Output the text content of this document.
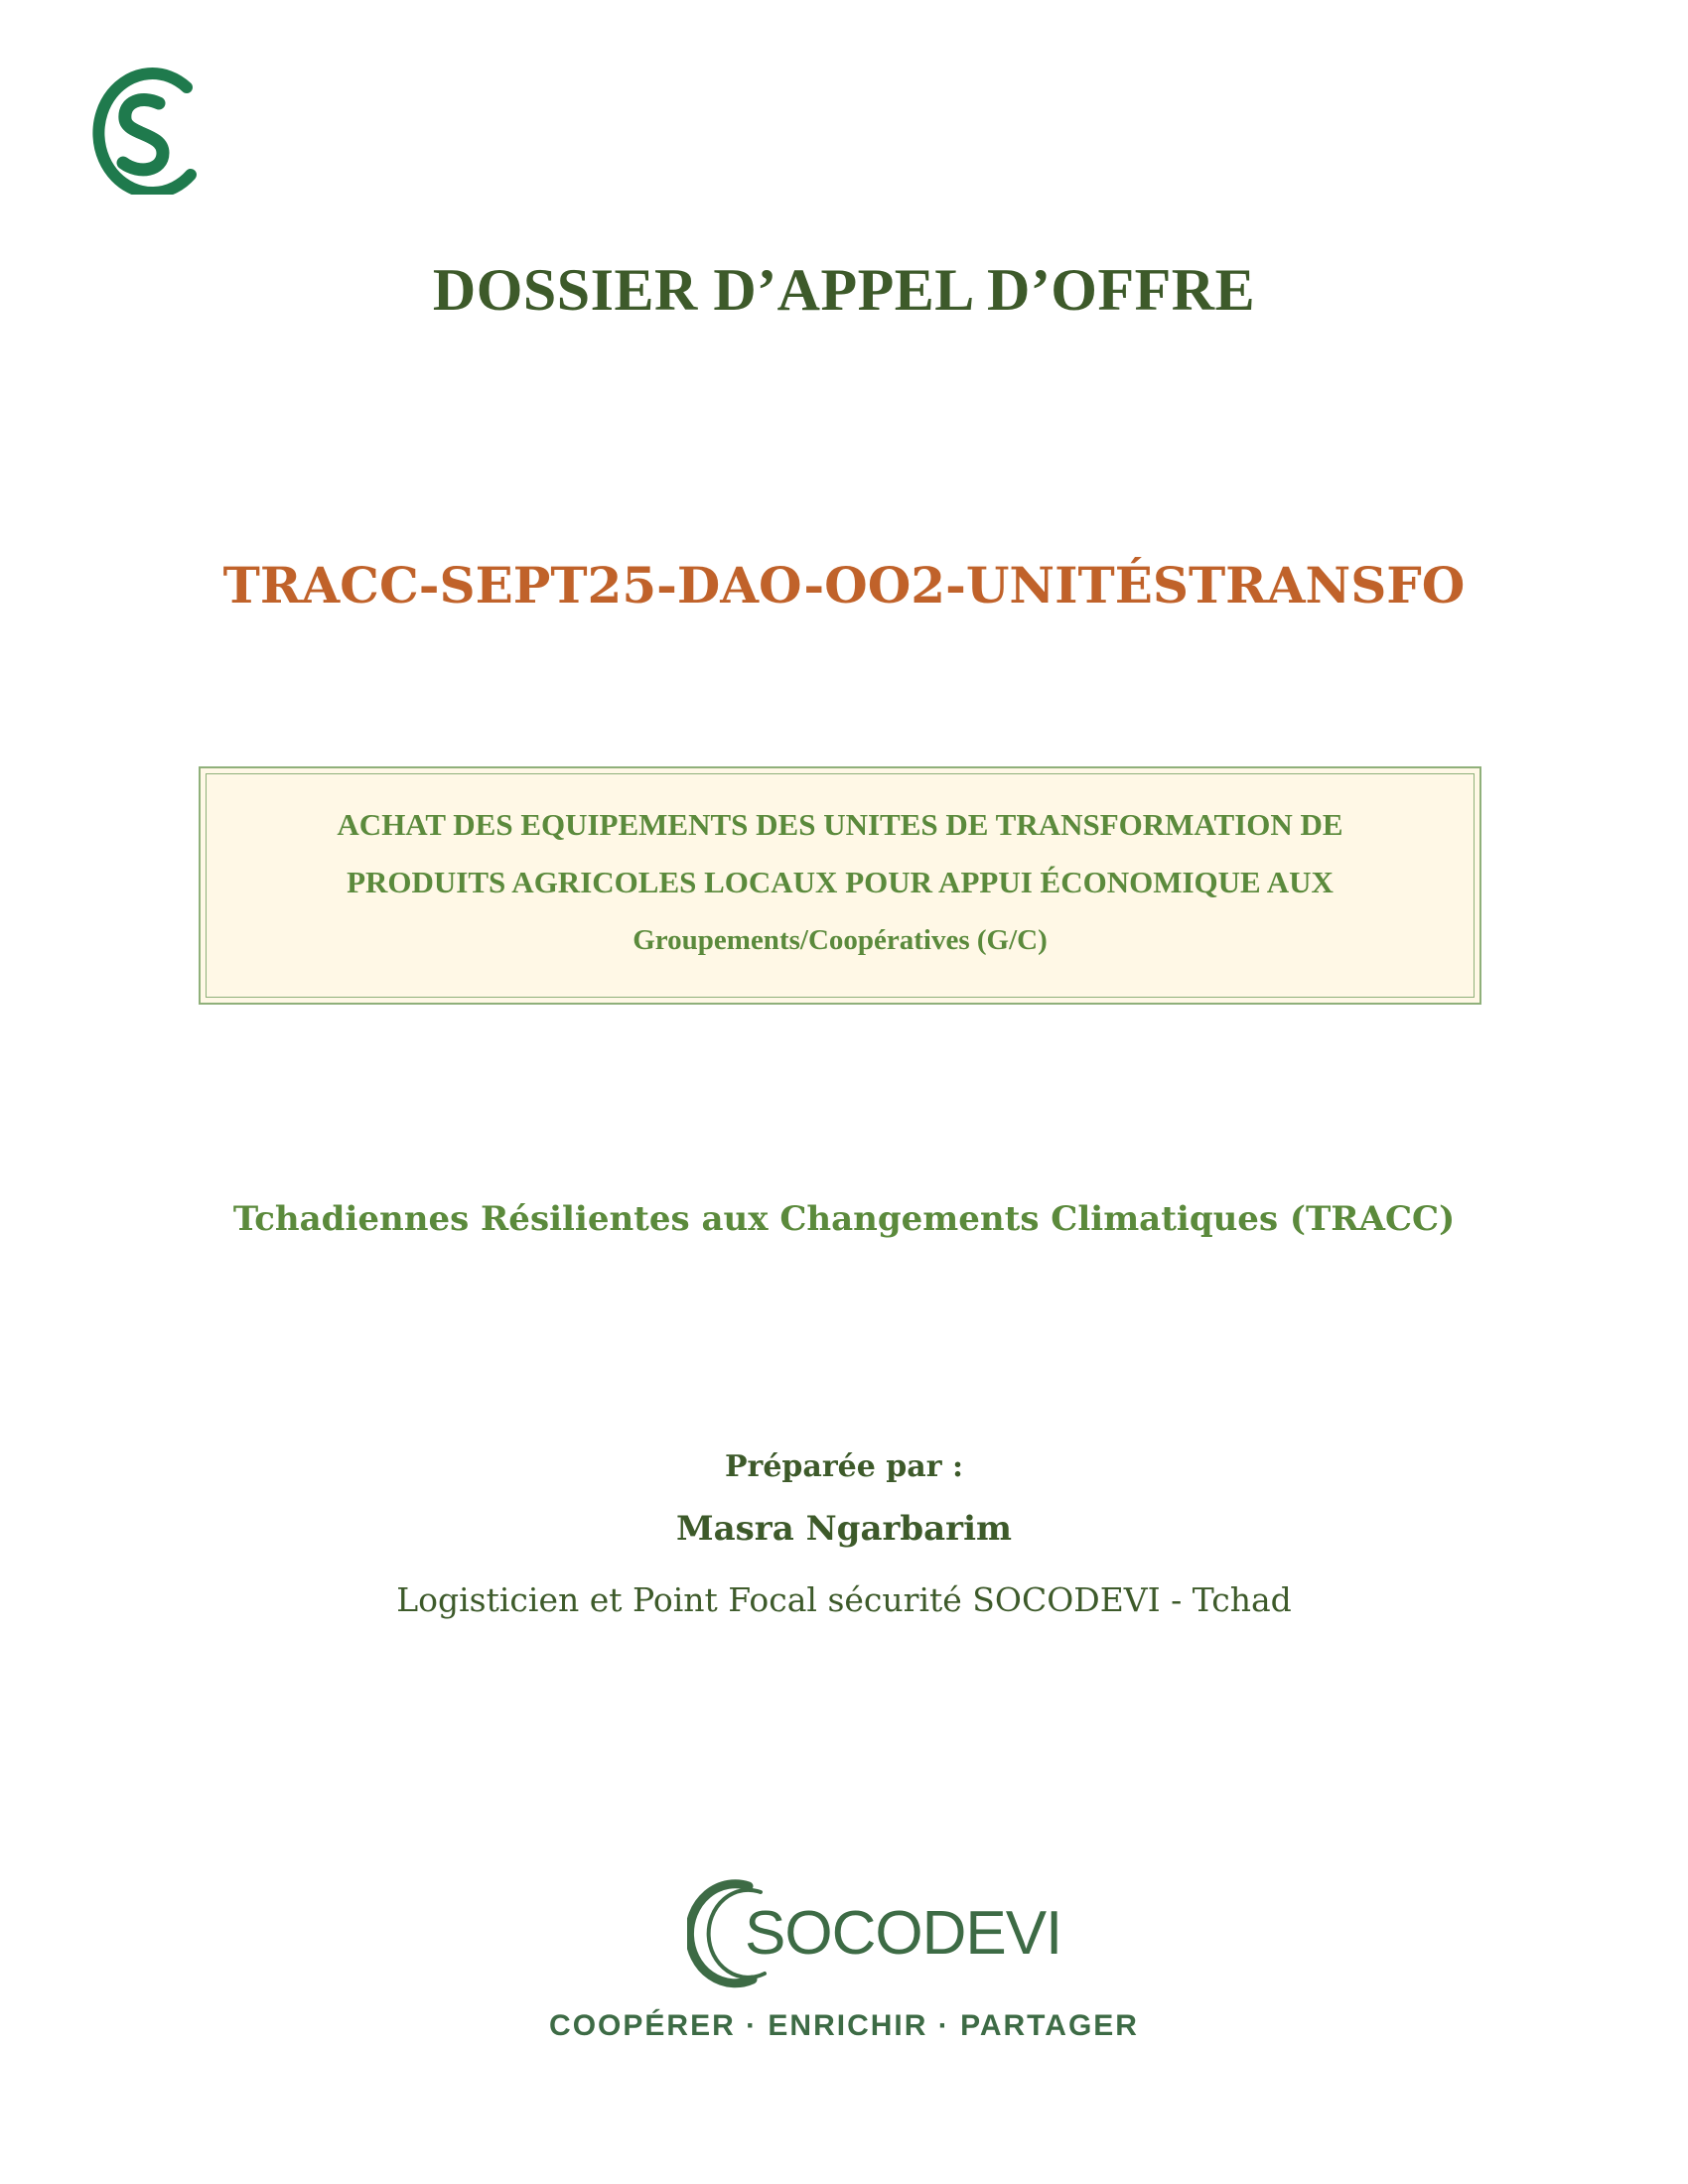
DOSSIER D’APPEL D’OFFRE
TRACC-SEPT25-DAO-OO2-UNITÉSTRANSFO
ACHAT DES EQUIPEMENTS DES UNITES DE TRANSFORMATION DE
PRODUITS AGRICOLES LOCAUX POUR APPUI ÉCONOMIQUE AUX
Groupements/Coopératives (G/C)
Tchadiennes Résilientes aux Changements Climatiques (TRACC)
Préparée par :
Masra Ngarbarim
Logisticien et Point Focal sécurité SOCODEVI - Tchad
SOCODEVI
COOPÉRER · ENRICHIR · PARTAGER
